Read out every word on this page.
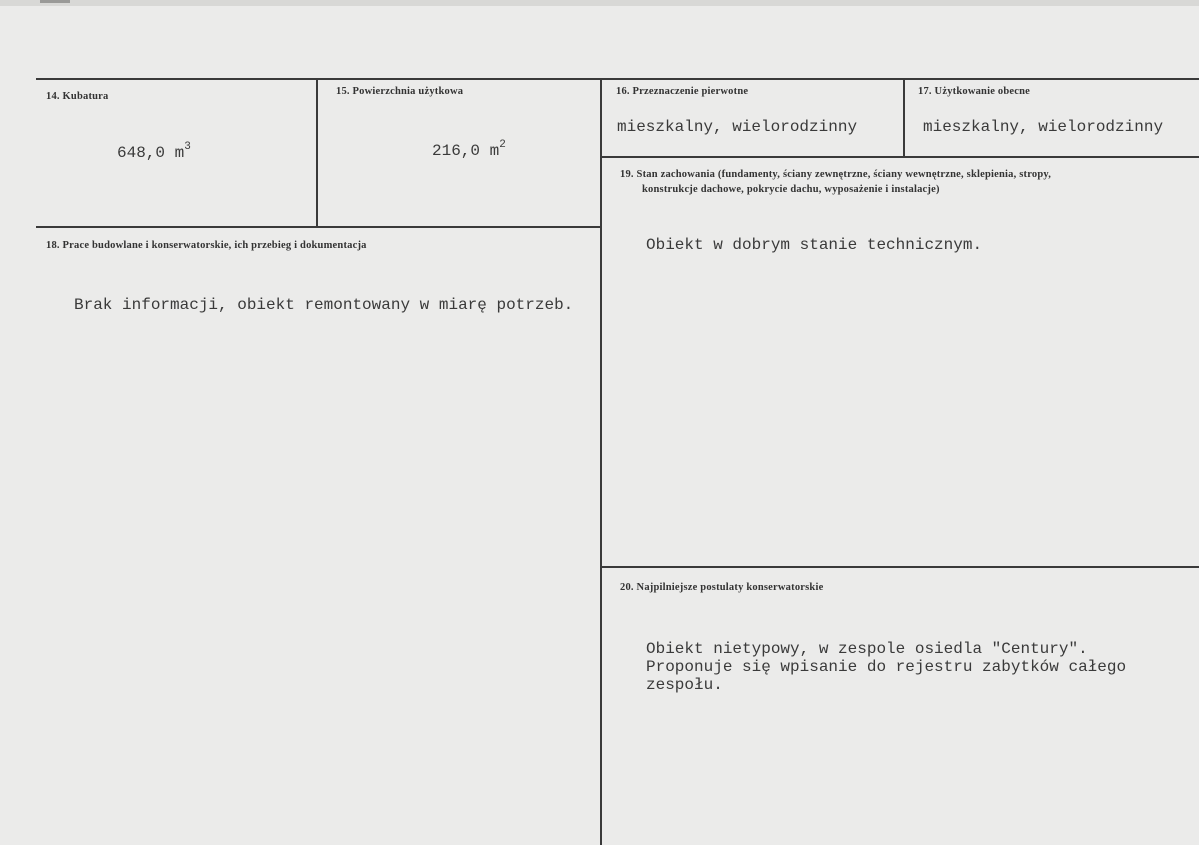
14. Kubatura
648,0 $m^3$
15. Powierzchnia użytkowa
216,0 $m^2$
16. Przeznaczenie pierwotne
mieszkalny, wielorodzinny
17. Użytkowanie obecne
mieszkalny, wielorodzinny
18. Prace budowlane i konserwatorskie, ich przebieg i dokumentacja
Brak informacji, obiekt remontowany w miarę potrzeb.
19. Stan zachowania (fundamenty, ściany zewnętrzne, ściany wewnętrzne, sklepienia, stropy,
konstrukcje dachowe, pokrycie dachu, wyposażenie i instalacje)
Obiekt w dobrym stanie technicznym.
20. Najpilniejsze postulaty konserwatorskie
Obiekt nietypowy, w zespole osiedla "Century".
Proponuje się wpisanie do rejestru zabytków całego
zespołu.
